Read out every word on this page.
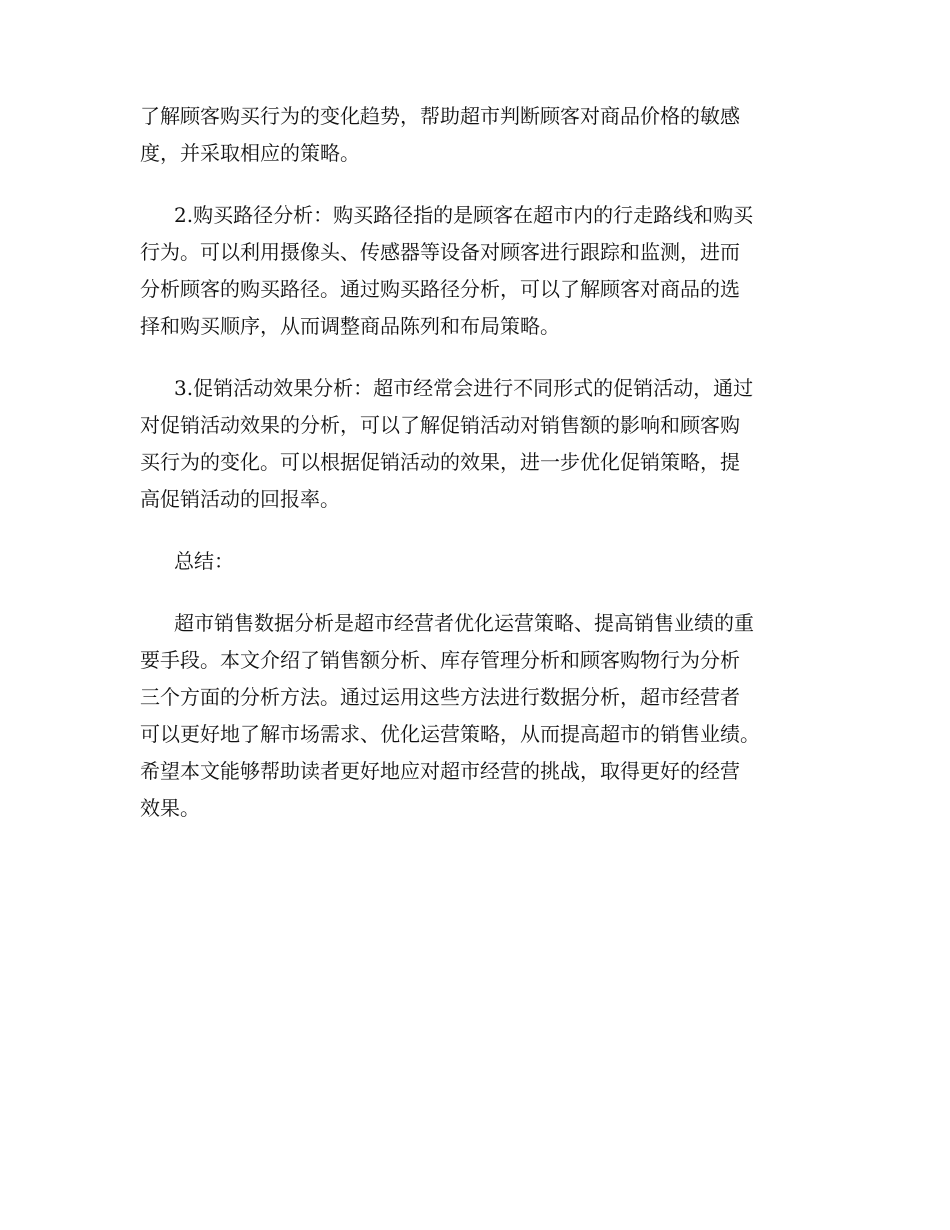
了解顾客购买行为的变化趋势，帮助超市判断顾客对商品价格的敏感
度，并采取相应的策略。
2.购买路径分析：购买路径指的是顾客在超市内的行走路线和购买
行为。可以利用摄像头、传感器等设备对顾客进行跟踪和监测，进而
分析顾客的购买路径。通过购买路径分析，可以了解顾客对商品的选
择和购买顺序，从而调整商品陈列和布局策略。
3.促销活动效果分析：超市经常会进行不同形式的促销活动，通过
对促销活动效果的分析，可以了解促销活动对销售额的影响和顾客购
买行为的变化。可以根据促销活动的效果，进一步优化促销策略，提
高促销活动的回报率。
总结：
超市销售数据分析是超市经营者优化运营策略、提高销售业绩的重
要手段。本文介绍了销售额分析、库存管理分析和顾客购物行为分析
三个方面的分析方法。通过运用这些方法进行数据分析，超市经营者
可以更好地了解市场需求、优化运营策略，从而提高超市的销售业绩。
希望本文能够帮助读者更好地应对超市经营的挑战，取得更好的经营
效果。
